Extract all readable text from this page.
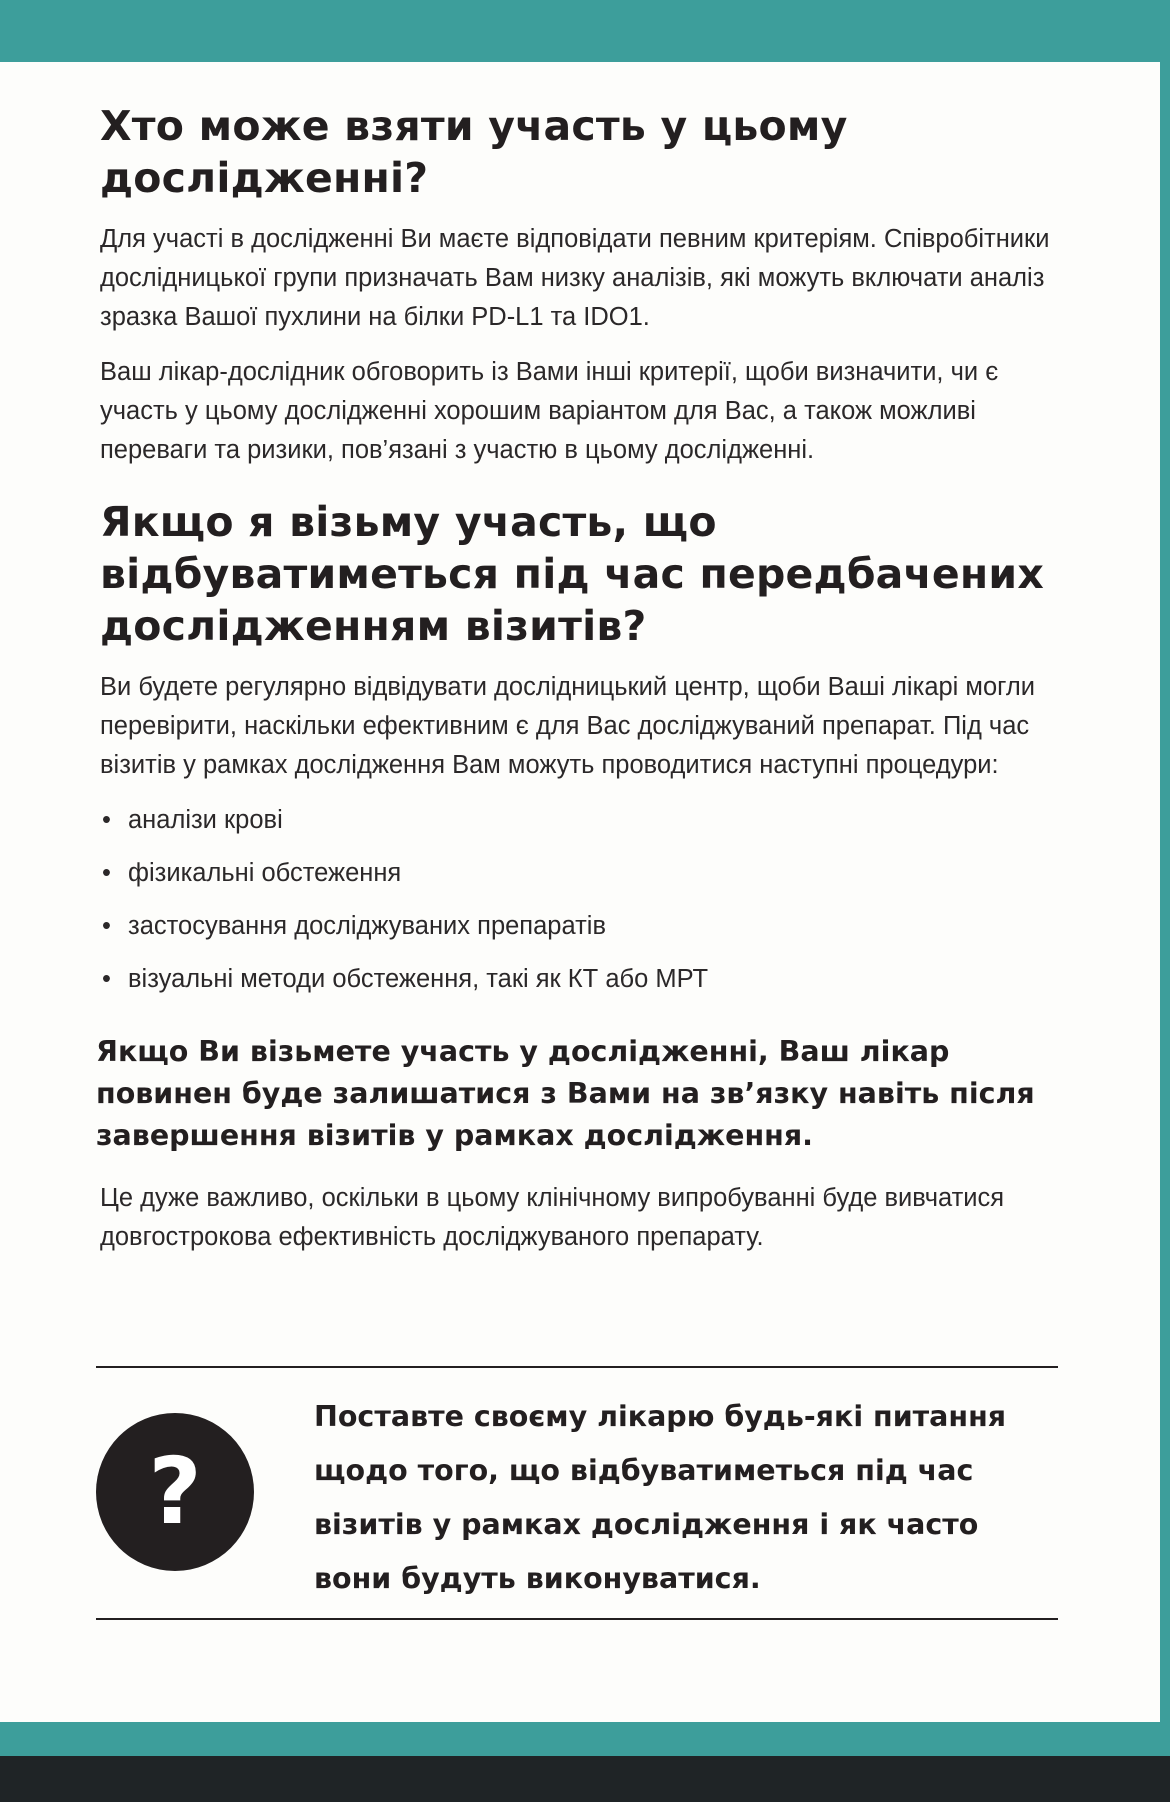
Хто може взяти участь у цьому дослідженні?

Для участі в дослідженні Ви маєте відповідати певним критеріям. Співробітники дослідницької групи призначать Вам низку аналізів, які можуть включати аналіз зразка Вашої пухлини на білки PD-L1 та IDO1.

Ваш лікар-дослідник обговорить із Вами інші критерії, щоби визначити, чи є участь у цьому дослідженні хорошим варіантом для Вас, а також можливі переваги та ризики, пов’язані з участю в цьому дослідженні.

Якщо я візьму участь, що відбуватиметься під час передбачених дослідженням візитів?

Ви будете регулярно відвідувати дослідницький центр, щоби Ваші лікарі могли перевірити, наскільки ефективним є для Вас досліджуваний препарат. Під час візитів у рамках дослідження Вам можуть проводитися наступні процедури:

• аналізи крові
• фізикальні обстеження
• застосування досліджуваних препаратів
• візуальні методи обстеження, такі як КТ або МРТ
Якщо Ви візьмете участь у дослідженні, Ваш лікар повинен буде залишатися з Вами на зв’язку навіть після завершення візитів у рамках дослідження.

Це дуже важливо, оскільки в цьому клінічному випробуванні буде вивчатися довгострокова ефективність досліджуваного препарату.

?
Поставте своєму лікарю будь-які питання щодо того, що відбуватиметься під час візитів у рамках дослідження і як часто вони будуть виконуватися.
